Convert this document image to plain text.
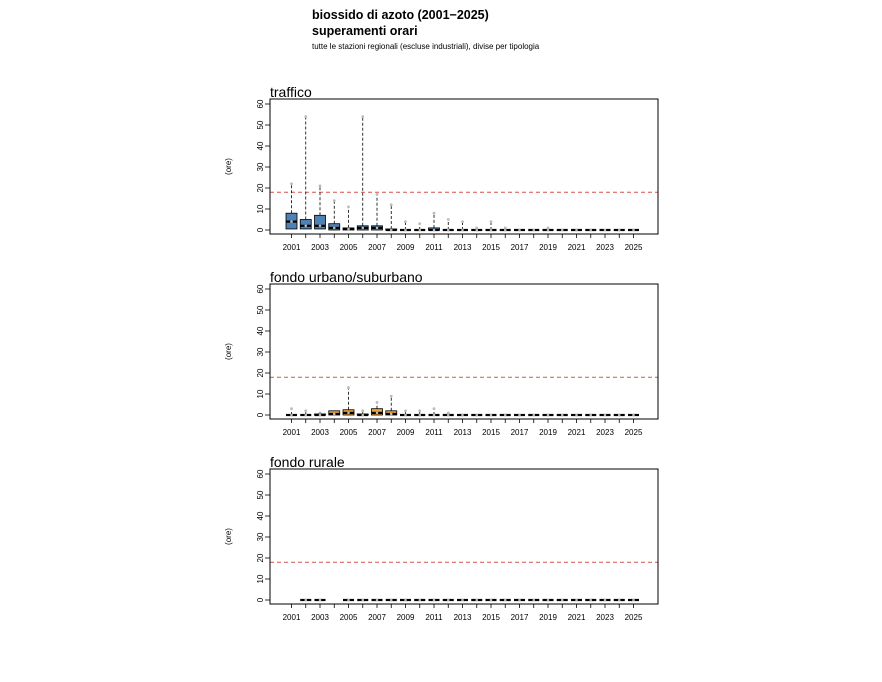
biossido di azoto (2001−2025)
superamenti orari
tutte le stazioni regionali (escluse industriali), divise per tipologia
traffico
(ore)
0
10
20
30
40
50
60
2001 2003 2005 2007 2009 2011 2013 2015 2017 2019 2021 2023 2025
fondo urbano/suburbano
(ore)
0
10
20
30
40
50
60
2001 2003 2005 2007 2009 2011 2013 2015 2017 2019 2021 2023 2025
fondo rurale
(ore)
0
10
20
30
40
50
60
2001 2003 2005 2007 2009 2011 2013 2015 2017 2019 2021 2023 2025
